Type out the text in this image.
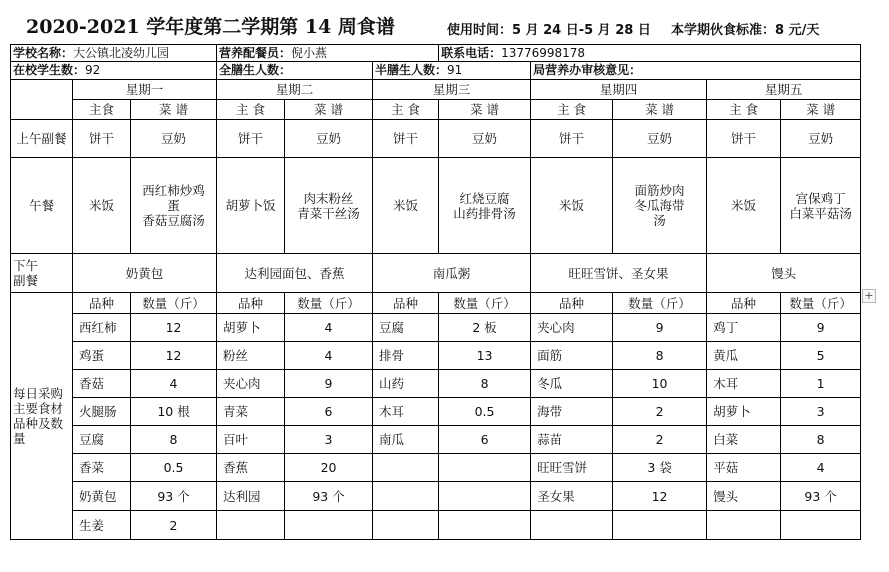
2020-2021 学年度第二学期第 14 周食谱	使用时间：5 月 24 日-5 月 28 日 本学期伙食标准：8 元/天
学校名称：大公镇北凌幼儿园			营养配餐员：倪小燕			联系电话：13776998178				
在校学生数：92			全膳生人数：		半膳生人数：91		局营养办审核意见：			
	星期一		星期二		星期三		星期四		星期五	
	主食	菜 谱	主 食	菜 谱	主 食	菜 谱	主 食	菜 谱	主 食	菜 谱
上午副餐	饼干	豆奶	饼干	豆奶	饼干	豆奶	饼干	豆奶	饼干	豆奶
午餐	米饭	西红柿炒鸡
蛋
香菇豆腐汤	胡萝卜饭	肉末粉丝
青菜干丝汤	米饭	红烧豆腐
山药排骨汤	米饭	面筋炒肉
冬瓜海带
汤	米饭	宫保鸡丁
白菜平菇汤
下午
副餐	奶黄包		达利园面包、香蕉		南瓜粥		旺旺雪饼、圣女果		馒头	
每日采购主要食材品种及数量	品种	数量（斤）	品种	数量（斤）	品种	数量（斤）	品种	数量（斤）	品种	数量（斤）
	西红柿	12	胡萝卜	4	豆腐	2 板	夹心肉	9	鸡丁	9
	鸡蛋	12	粉丝	4	排骨	13	面筋	8	黄瓜	5
	香菇	4	夹心肉	9	山药	8	冬瓜	10	木耳	1
	火腿肠	10 根	青菜	6	木耳	0.5	海带	2	胡萝卜	3
	豆腐	8	百叶	3	南瓜	6	蒜苗	2	白菜	8
	香菜	0.5	香蕉	20			旺旺雪饼	3 袋	平菇	4
	奶黄包	93 个	达利园	93 个			圣女果	12	馒头	93 个
	生姜	2								
+
